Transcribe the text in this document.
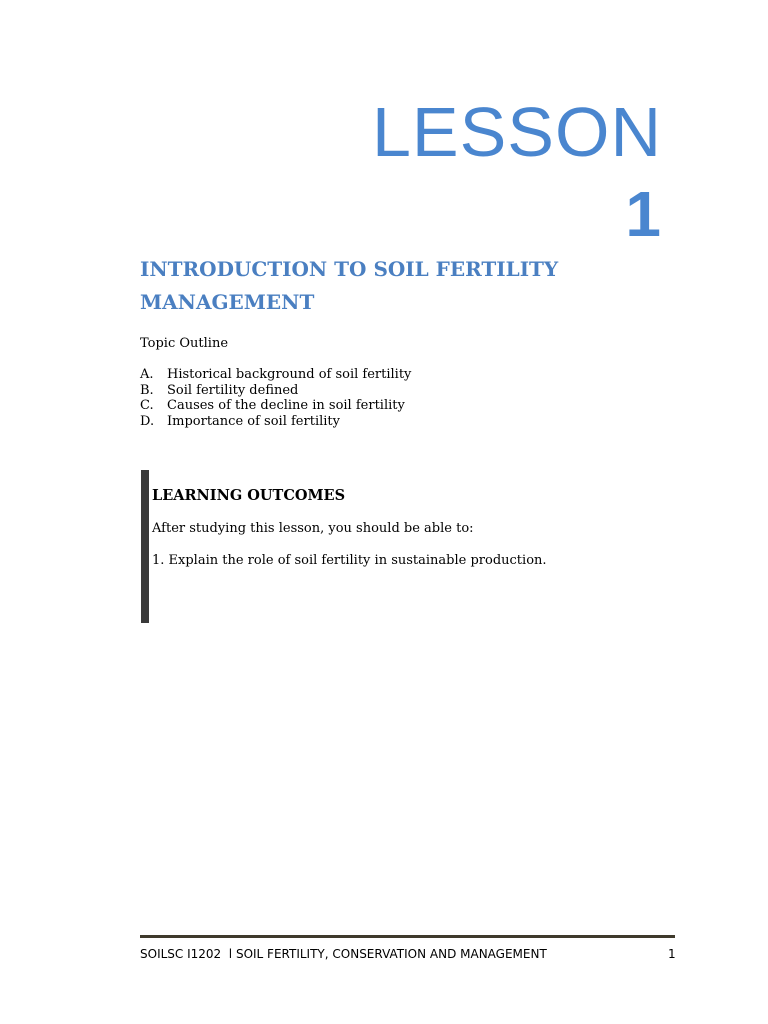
LESSON
1
INTRODUCTION TO SOIL FERTILITY MANAGEMENT

Topic Outline

A.	Historical background of soil fertility
B.	Soil fertility defined
C.	Causes of the decline in soil fertility
D. Importance of soil fertility
LEARNING OUTCOMES

After studying this lesson, you should be able to:

1. Explain the role of soil fertility in sustainable production.

SOILSC I1202  l SOIL FERTILITY, CONSERVATION AND MANAGEMENT	1
